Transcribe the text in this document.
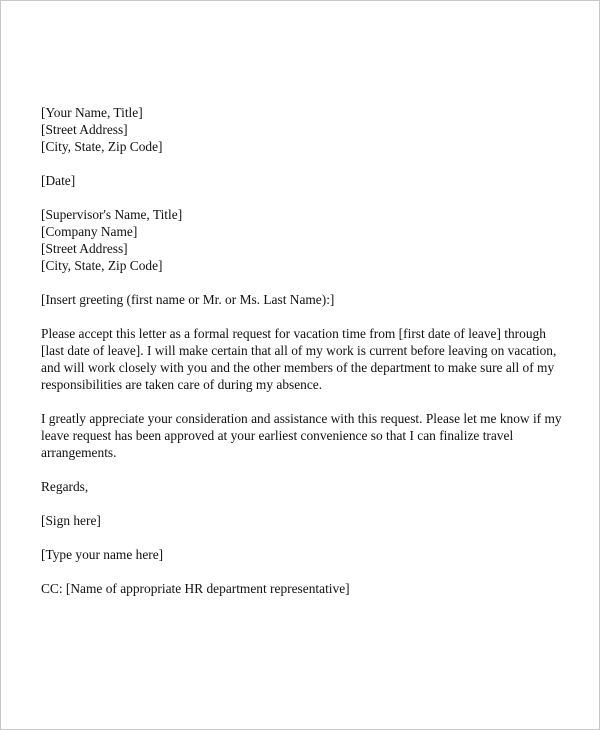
[Your Name, Title]
[Street Address]
[City, State, Zip Code]
[Date]
[Supervisor's Name, Title]
[Company Name]
[Street Address]
[City, State, Zip Code]
[Insert greeting (first name or Mr. or Ms. Last Name):]
Please accept this letter as a formal request for vacation time from [first date of leave] through
[last date of leave]. I will make certain that all of my work is current before leaving on vacation,
and will work closely with you and the other members of the department to make sure all of my
responsibilities are taken care of during my absence.
I greatly appreciate your consideration and assistance with this request. Please let me know if my
leave request has been approved at your earliest convenience so that I can finalize travel
arrangements.
Regards,
[Sign here]
[Type your name here]
CC: [Name of appropriate HR department representative]
